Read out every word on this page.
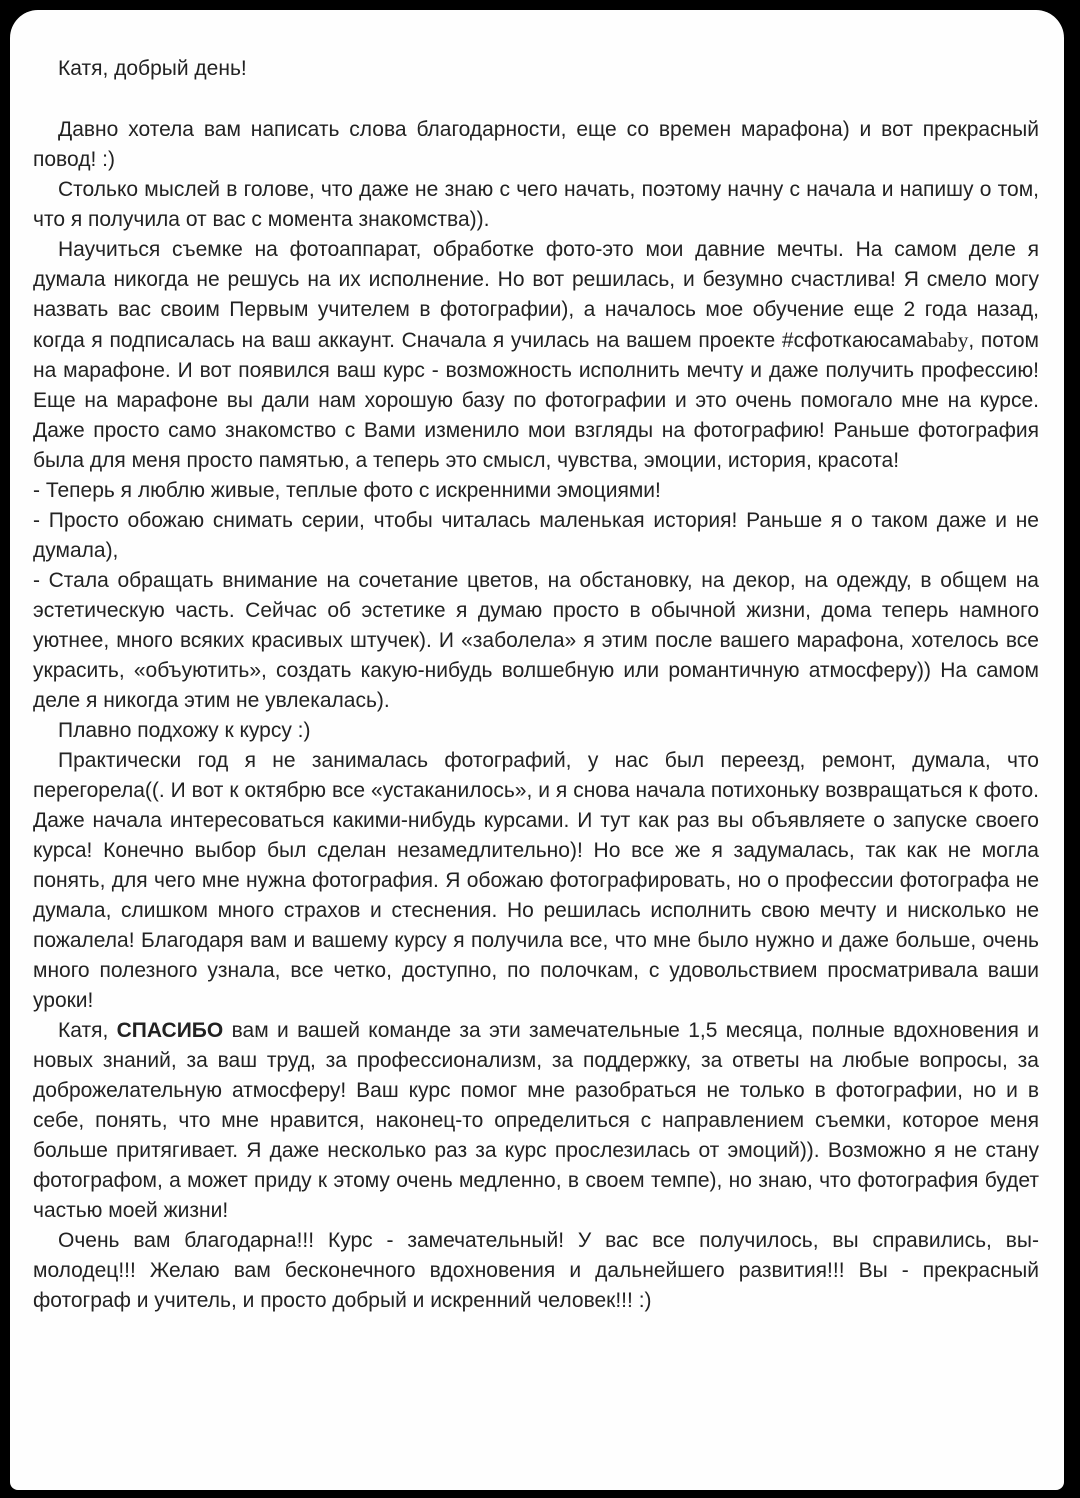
Катя, добрый день!

Давно хотела вам написать слова благодарности, еще со времен марафона) и вот прекрасный повод! :)

Столько мыслей в голове, что даже не знаю с чего начать, поэтому начну с начала и напишу о том, что я получила от вас с момента знакомства)).

Научиться съемке на фотоаппарат, обработке фото-это мои давние мечты. На самом деле я думала никогда не решусь на их исполнение. Но вот решилась, и безумно счастлива! Я смело могу назвать вас своим Первым учителем в фотографии), а началось мое обучение еще 2 года назад, когда я подписалась на ваш аккаунт. Сначала я училась на вашем проекте #сфоткаюсамаbaby, потом на марафоне. И вот появился ваш курс - возможность исполнить мечту и даже получить профессию! Еще на марафоне вы дали нам хорошую базу по фотографии и это очень помогало мне на курсе. Даже просто само знакомство с Вами изменило мои взгляды на фотографию! Раньше фотография была для меня просто памятью, а теперь это смысл, чувства, эмоции, история, красота!

- Теперь я люблю живые, теплые фото с искренними эмоциями!

- Просто обожаю снимать серии, чтобы читалась маленькая история! Раньше я о таком даже и не думала),

- Стала обращать внимание на сочетание цветов, на обстановку, на декор, на одежду, в общем на эстетическую часть. Сейчас об эстетике я думаю просто в обычной жизни, дома теперь намного уютнее, много всяких красивых штучек). И «заболела» я этим после вашего марафона, хотелось все украсить, «объуютить», создать какую-нибудь волшебную или романтичную атмосферу)) На самом деле я никогда этим не увлекалась).

Плавно подхожу к курсу :)

Практически год я не занималась фотографий, у нас был переезд, ремонт, думала, что перегорела((. И вот к октябрю все «устаканилось», и я снова начала потихоньку возвращаться к фото. Даже начала интересоваться какими-нибудь курсами. И тут как раз вы объявляете о запуске своего курса! Конечно выбор был сделан незамедлительно)! Но все же я задумалась, так как не могла понять, для чего мне нужна фотография. Я обожаю фотографировать, но о профессии фотографа не думала, слишком много страхов и стеснения. Но решилась исполнить свою мечту и нисколько не пожалела! Благодаря вам и вашему курсу я получила все, что мне было нужно и даже больше, очень много полезного узнала, все четко, доступно, по полочкам, с удовольствием просматривала ваши уроки!

Катя, СПАСИБО вам и вашей команде за эти замечательные 1,5 месяца, полные вдохновения и новых знаний, за ваш труд, за профессионализм, за поддержку, за ответы на любые вопросы, за доброжелательную атмосферу! Ваш курс помог мне разобраться не только в фотографии, но и в себе, понять, что мне нравится, наконец-то определиться с направлением съемки, которое меня больше притягивает. Я даже несколько раз за курс прослезилась от эмоций)). Возможно я не стану фотографом, а может приду к этому очень медленно, в своем темпе), но знаю, что фотография будет частью моей жизни!

Очень вам благодарна!!! Курс - замечательный! У вас все получилось, вы справились, вы-молодец!!! Желаю вам бесконечного вдохновения и дальнейшего развития!!! Вы - прекрасный фотограф и учитель, и просто добрый и искренний человек!!! :)
